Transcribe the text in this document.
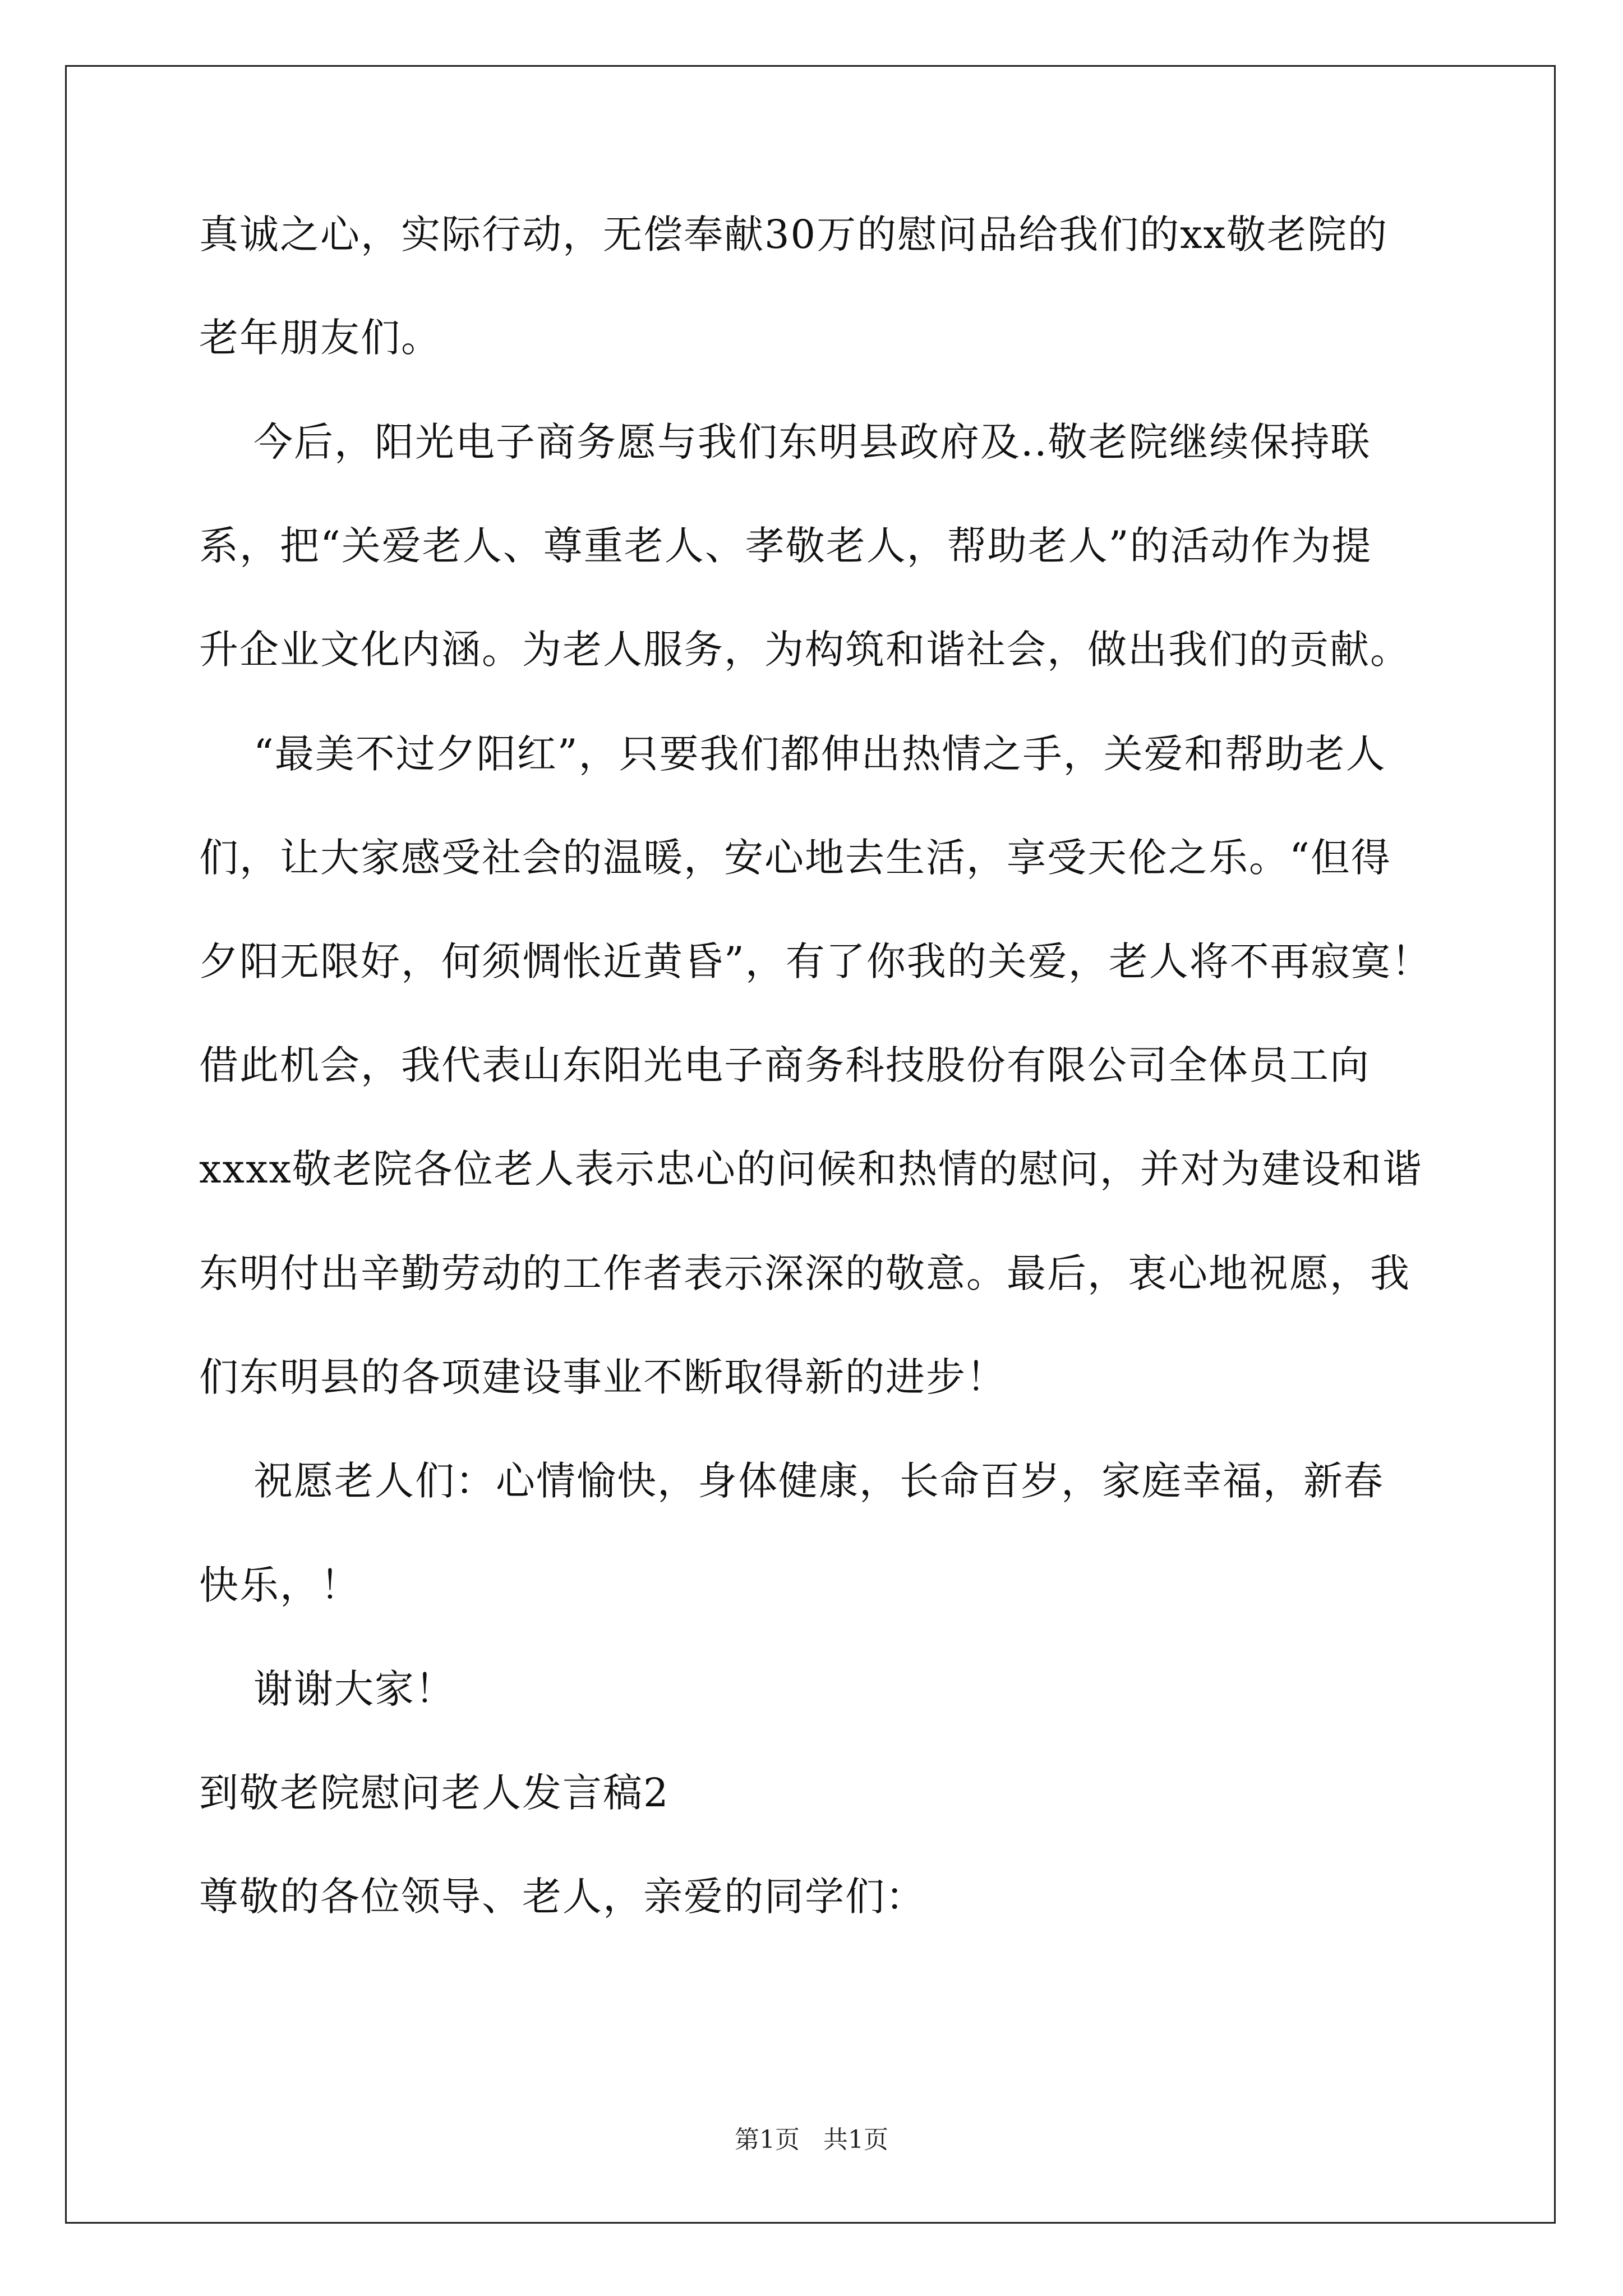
真诚之心，实际行动，无偿奉献30万的慰问品给我们的xx敬老院的

老年朋友们。

今后，阳光电子商务愿与我们东明县政府及..敬老院继续保持联

系，把“关爱老人、尊重老人、孝敬老人，帮助老人”的活动作为提

升企业文化内涵。为老人服务，为构筑和谐社会，做出我们的贡献。

“最美不过夕阳红”，只要我们都伸出热情之手，关爱和帮助老人

们，让大家感受社会的温暖，安心地去生活，享受天伦之乐。“但得

夕阳无限好，何须惆怅近黄昏”，有了你我的关爱，老人将不再寂寞！

借此机会，我代表山东阳光电子商务科技股份有限公司全体员工向

xxxx敬老院各位老人表示忠心的问候和热情的慰问，并对为建设和谐

东明付出辛勤劳动的工作者表示深深的敬意。最后，衷心地祝愿，我

们东明县的各项建设事业不断取得新的进步！

祝愿老人们：心情愉快，身体健康，长命百岁，家庭幸福，新春

快乐，！

谢谢大家！

到敬老院慰问老人发言稿2

尊敬的各位领导、老人，亲爱的同学们：

第1页   共1页
